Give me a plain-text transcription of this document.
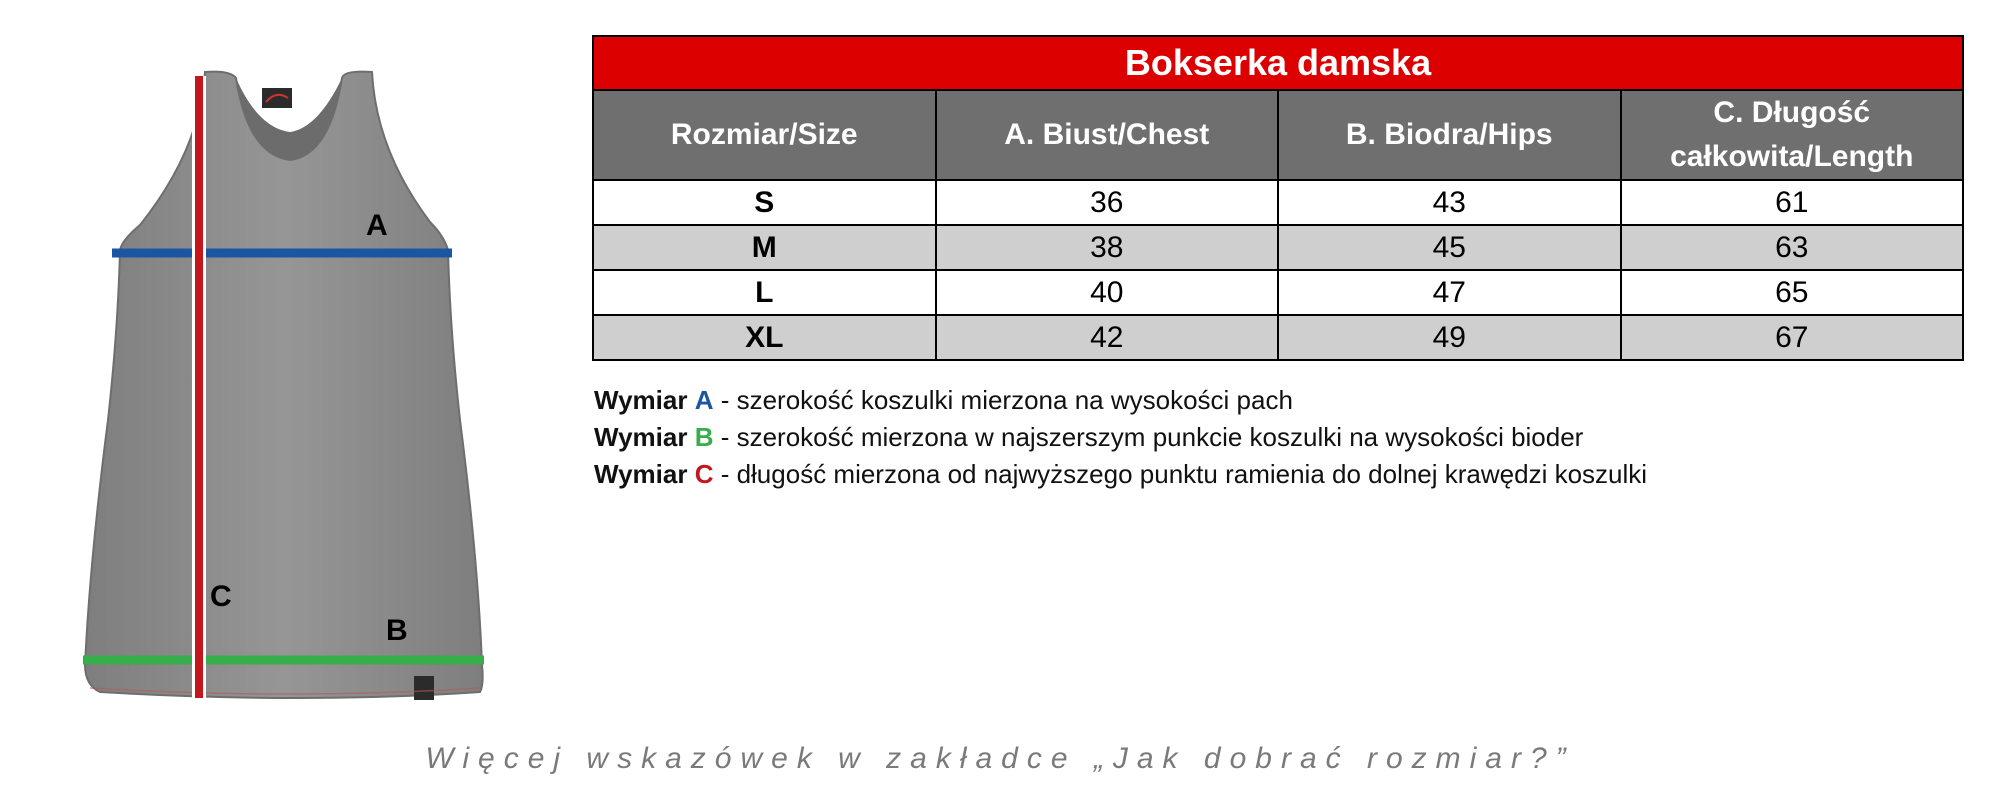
A
C
B
Bokserka damska			
Rozmiar/Size	A. Biust/Chest	B. Biodra/Hips	C. Długość całkowita/Length
S	36	43	61
M	38	45	63
L	40	47	65
XL	42	49	67
Wymiar A - szerokość koszulki mierzona na wysokości pach
Wymiar B - szerokość mierzona w najszerszym punkcie koszulki na wysokości bioder
Wymiar C - długość mierzona od najwyższego punktu ramienia do dolnej krawędzi koszulki
Więcej wskazówek w zakładce „Jak dobrać rozmiar?”
